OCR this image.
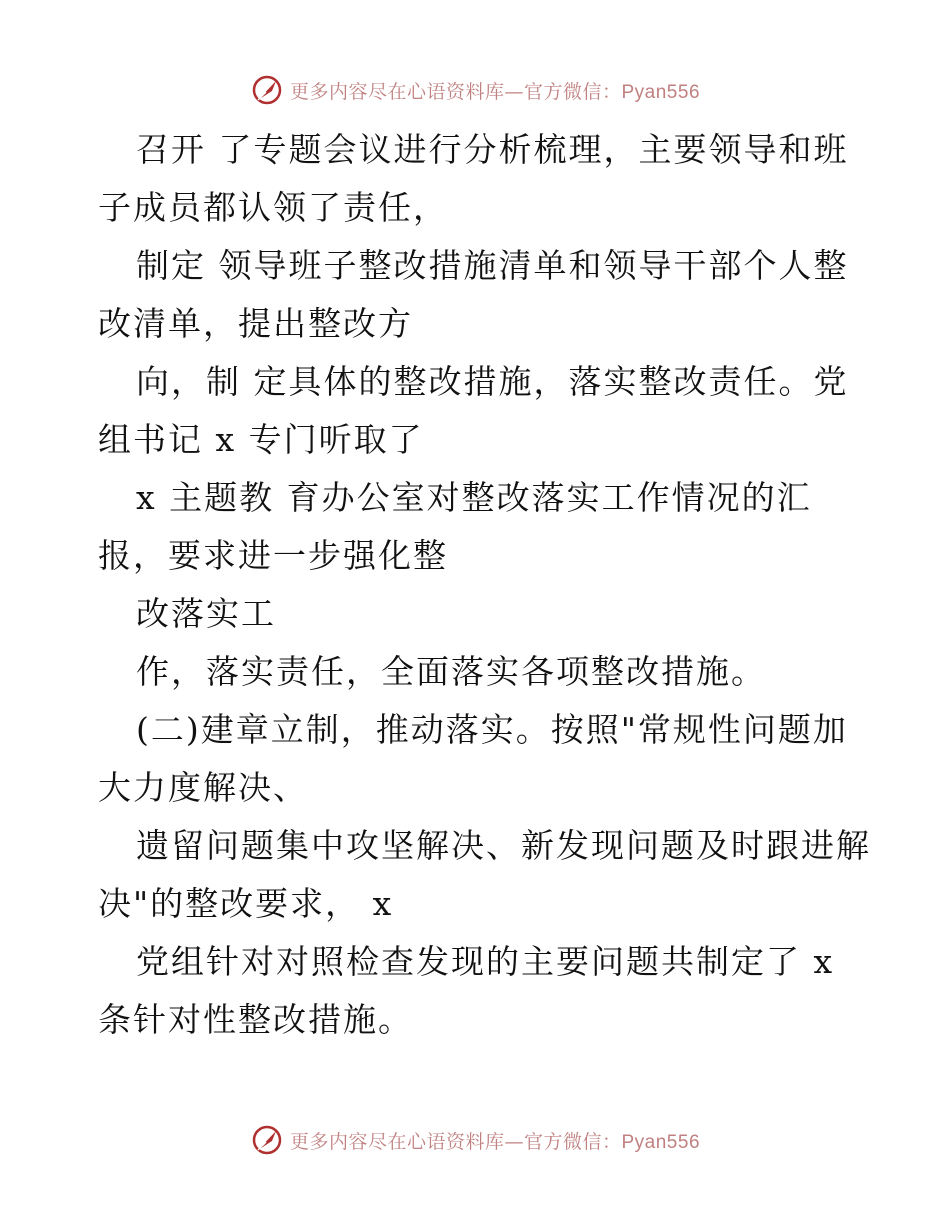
更多内容尽在心语资料库—官方微信：Pyan556
召开 了专题会议进行分析梳理，主要领导和班
子成员都认领了责任，
制定 领导班子整改措施清单和领导干部个人整
改清单，提出整改方
向，制 定具体的整改措施，落实整改责任。党
组书记 x 专门听取了
x 主题教 育办公室对整改落实工作情况的汇
报，要求进一步强化整
改落实工
作，落实责任，全面落实各项整改措施。
(二)建章立制，推动落实。按照"常规性问题加
大力度解决、
遗留问题集中攻坚解决、新发现问题及时跟进解
决"的整改要求， x
党组针对对照检查发现的主要问题共制定了 x
条针对性整改措施。
更多内容尽在心语资料库—官方微信：Pyan556
